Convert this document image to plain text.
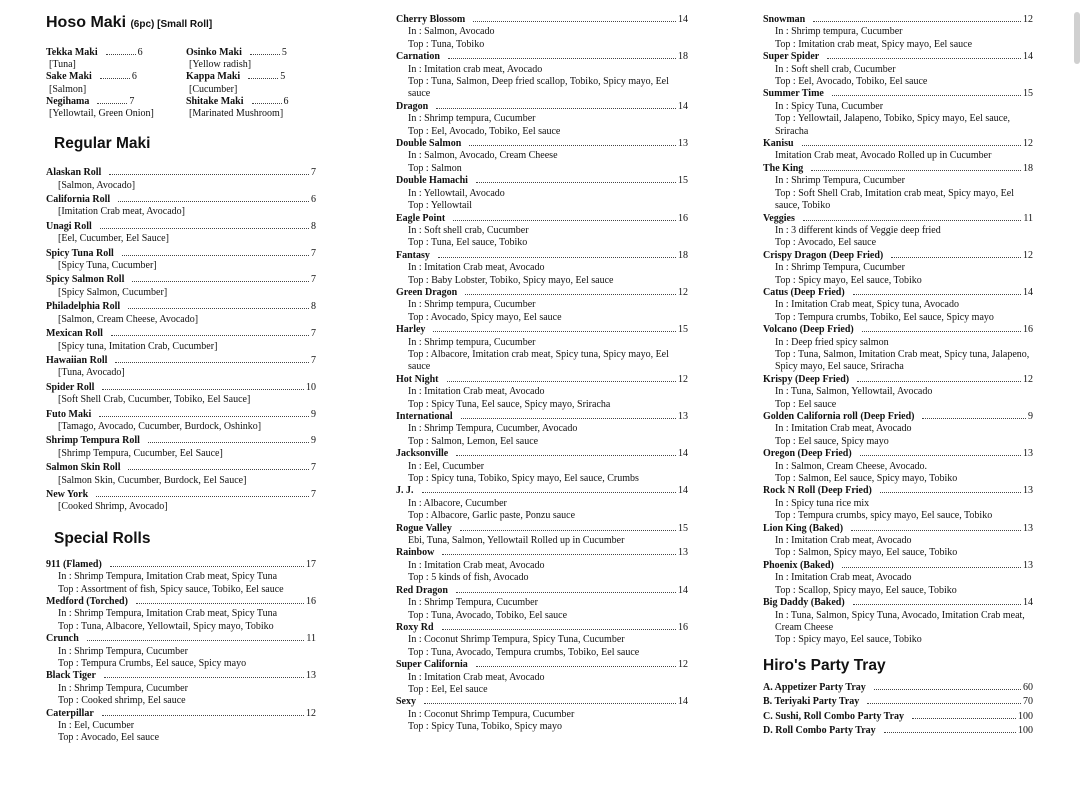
Hoso Maki (6pc) [Small Roll]
Tekka Maki	6
[Tuna]
Osinko Maki	5
[Yellow radish]
Sake Maki	6
[Salmon]
Kappa Maki	5
[Cucumber]
Negihama	7
[Yellowtail, Green Onion]
Shitake Maki	6
[Marinated Mushroom]
Regular Maki
Alaskan Roll	7
[Salmon, Avocado]
California Roll	6
[Imitation Crab meat, Avocado]
Unagi Roll	8
[Eel, Cucumber, Eel Sauce]
Spicy Tuna Roll	7
[Spicy Tuna, Cucumber]
Spicy Salmon Roll	7
[Spicy Salmon, Cucumber]
Philadelphia Roll	8
[Salmon, Cream Cheese, Avocado]
Mexican Roll	7
[Spicy tuna, Imitation Crab, Cucumber]
Hawaiian Roll	7
[Tuna, Avocado]
Spider Roll	10
[Soft Shell Crab, Cucumber, Tobiko, Eel Sauce]
Futo Maki	9
[Tamago, Avocado, Cucumber, Burdock, Oshinko]
Shrimp Tempura Roll	9
[Shrimp Tempura, Cucumber, Eel Sauce]
Salmon Skin Roll	7
[Salmon Skin, Cucumber, Burdock, Eel Sauce]
New York	7
[Cooked Shrimp, Avocado]
Special Rolls
911 (Flamed)	17
In : Shrimp Tempura, Imitation Crab meat, Spicy Tuna
Top : Assortment of fish, Spicy sauce, Tobiko, Eel sauce
Medford (Torched)	16
In : Shrimp Tempura, Imitation Crab meat, Spicy Tuna
Top : Tuna, Albacore, Yellowtail, Spicy mayo, Tobiko
Crunch	11
In : Shrimp Tempura, Cucumber
Top : Tempura Crumbs, Eel sauce, Spicy mayo
Black Tiger	13
In : Shrimp Tempura, Cucumber
Top : Cooked shrimp, Eel sauce
Caterpillar	12
In : Eel, Cucumber
Top : Avocado, Eel sauce
Cherry Blossom	14
In : Salmon, Avocado
Top : Tuna, Tobiko
Carnation	18
In : Imitation crab meat, Avocado
Top : Tuna, Salmon, Deep fried scallop, Tobiko, Spicy mayo, Eel sauce
Dragon	14
In : Shrimp tempura, Cucumber
Top : Eel, Avocado, Tobiko, Eel sauce
Double Salmon	13
In : Salmon, Avocado, Cream Cheese
Top : Salmon
Double Hamachi	15
In : Yellowtail, Avocado
Top : Yellowtail
Eagle Point	16
In : Soft shell crab, Cucumber
Top : Tuna, Eel sauce, Tobiko
Fantasy	18
In : Imitation Crab meat, Avocado
Top : Baby Lobster, Tobiko, Spicy mayo, Eel sauce
Green Dragon	12
In : Shrimp tempura, Cucumber
Top : Avocado, Spicy mayo, Eel sauce
Harley	15
In : Shrimp tempura, Cucumber
Top : Albacore, Imitation crab meat, Spicy tuna, Spicy mayo, Eel sauce
Hot Night	12
In : Imitation Crab meat, Avocado
Top : Spicy Tuna, Eel sauce, Spicy mayo, Sriracha
International	13
In : Shrimp Tempura, Cucumber, Avocado
Top : Salmon, Lemon, Eel sauce
Jacksonville	14
In : Eel, Cucumber
Top : Spicy tuna, Tobiko, Spicy mayo, Eel sauce, Crumbs
J. J.	14
In : Albacore, Cucumber
Top : Albacore, Garlic paste, Ponzu sauce
Rogue Valley	15
Ebi, Tuna, Salmon, Yellowtail Rolled up in Cucumber
Rainbow	13
In : Imitation Crab meat, Avocado
Top : 5 kinds of fish, Avocado
Red Dragon	14
In : Shrimp Tempura, Cucumber
Top : Tuna, Avocado, Tobiko, Eel sauce
Roxy Rd	16
In : Coconut Shrimp Tempura, Spicy Tuna, Cucumber
Top : Tuna, Avocado, Tempura crumbs, Tobiko, Eel sauce
Super California	12
In : Imitation Crab meat, Avocado
Top : Eel, Eel sauce
Sexy	14
In : Coconut Shrimp Tempura, Cucumber
Top : Spicy Tuna, Tobiko, Spicy mayo
Snowman	12
In : Shrimp tempura, Cucumber
Top : Imitation crab meat, Spicy mayo, Eel sauce
Super Spider	14
In : Soft shell crab, Cucumber
Top : Eel, Avocado, Tobiko, Eel sauce
Summer Time	15
In : Spicy Tuna, Cucumber
Top : Yellowtail, Jalapeno, Tobiko, Spicy mayo, Eel sauce, Sriracha
Kanisu	12
Imitation Crab meat, Avocado Rolled up in Cucumber
The King	18
In : Shrimp Tempura, Cucumber
Top : Soft Shell Crab, Imitation crab meat, Spicy mayo, Eel sauce, Tobiko
Veggies	11
In : 3 different kinds of Veggie deep fried
Top : Avocado, Eel sauce
Crispy Dragon (Deep Fried)	12
In : Shrimp Tempura, Cucumber
Top : Spicy mayo, Eel sauce, Tobiko
Catus (Deep Fried)	14
In : Imitation Crab meat, Spicy tuna, Avocado
Top : Tempura crumbs, Tobiko, Eel sauce, Spicy mayo
Volcano (Deep Fried)	16
In : Deep fried spicy salmon
Top : Tuna, Salmon, Imitation Crab meat, Spicy tuna, Jalapeno, Spicy mayo, Eel sauce, Sriracha
Krispy (Deep Fried)	12
In : Tuna, Salmon, Yellowtail, Avocado
Top : Eel sauce
Golden California roll (Deep Fried)	9
In : Imitation Crab meat, Avocado
Top : Eel sauce, Spicy mayo
Oregon (Deep Fried)	13
In : Salmon, Cream Cheese, Avocado.
Top : Salmon, Eel sauce, Spicy mayo, Tobiko
Rock N Roll (Deep Fried)	13
In : Spicy tuna rice mix
Top : Tempura crumbs, spicy mayo, Eel sauce, Tobiko
Lion King (Baked)	13
In : Imitation Crab meat, Avocado
Top : Salmon, Spicy mayo, Eel sauce, Tobiko
Phoenix (Baked)	13
In : Imitation Crab meat, Avocado
Top : Scallop, Spicy mayo, Eel sauce, Tobiko
Big Daddy (Baked)	14
In : Tuna, Salmon, Spicy Tuna, Avocado, Imitation Crab meat, Cream Cheese
Top : Spicy mayo, Eel sauce, Tobiko
Hiro's Party Tray
A. Appetizer Party Tray	60
B. Teriyaki Party Tray	70
C. Sushi, Roll Combo Party Tray	100
D. Roll Combo Party Tray	100
